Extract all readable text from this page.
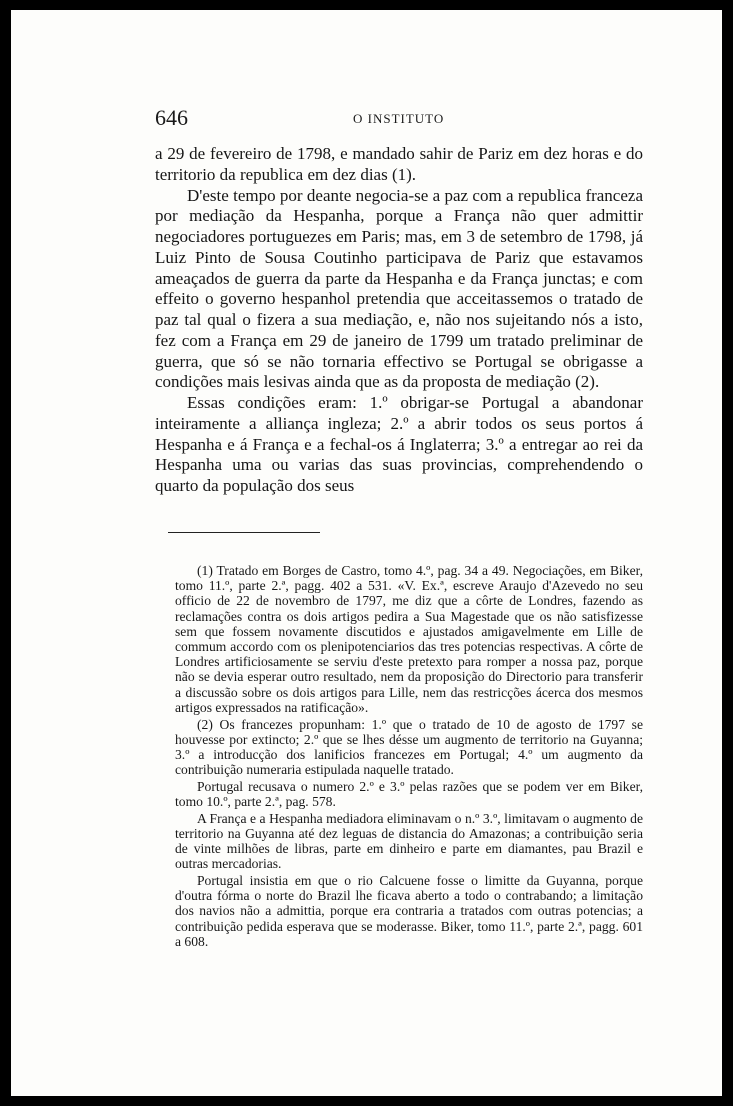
646	O INSTITUTO

a 29 de fevereiro de 1798, e mandado sahir de Pariz em dez horas e do territorio da republica em dez dias (1).

D'este tempo por deante negocia-se a paz com a republica franceza por mediação da Hespanha, porque a França não quer admittir negociadores portuguezes em Paris; mas, em 3 de setembro de 1798, já Luiz Pinto de Sousa Coutinho participava de Pariz que estavamos ameaçados de guerra da parte da Hespanha e da França junctas; e com effeito o governo hespanhol pretendia que acceitassemos o tratado de paz tal qual o fizera a sua mediação, e, não nos sujeitando nós a isto, fez com a França em 29 de janeiro de 1799 um tratado preliminar de guerra, que só se não tornaria effectivo se Portugal se obrigasse a condições mais lesivas ainda que as da proposta de mediação (2).

Essas condições eram: 1.º obrigar-se Portugal a abandonar inteiramente a alliança ingleza; 2.º a abrir todos os seus portos á Hespanha e á França e a fechal-os á Inglaterra; 3.º a entregar ao rei da Hespanha uma ou varias das suas provincias, comprehendendo o quarto da população dos seus

(1) Tratado em Borges de Castro, tomo 4.º, pag. 34 a 49. Negociações, em Biker, tomo 11.º, parte 2.ª, pagg. 402 a 531. «V. Ex.ª, escreve Araujo d'Azevedo no seu officio de 22 de novembro de 1797, me diz que a côrte de Londres, fazendo as reclamações contra os dois artigos pedira a Sua Magestade que os não satisfizesse sem que fossem novamente discutidos e ajustados amigavelmente em Lille de commum accordo com os plenipotenciarios das tres potencias respectivas. A côrte de Londres artificiosamente se serviu d'este pretexto para romper a nossa paz, porque não se devia esperar outro resultado, nem da proposição do Directorio para transferir a discussão sobre os dois artigos para Lille, nem das restricções ácerca dos mesmos artigos expressados na ratificação».

(2) Os francezes propunham: 1.º que o tratado de 10 de agosto de 1797 se houvesse por extincto; 2.º que se lhes désse um augmento de territorio na Guyanna; 3.º a introducção dos lanificios francezes em Portugal; 4.º um augmento da contribuição numeraria estipulada naquelle tratado.

Portugal recusava o numero 2.º e 3.º pelas razões que se podem ver em Biker, tomo 10.º, parte 2.ª, pag. 578.

A França e a Hespanha mediadora eliminavam o n.º 3.º, limitavam o augmento de territorio na Guyanna até dez leguas de distancia do Amazonas; a contribuição seria de vinte milhões de libras, parte em dinheiro e parte em diamantes, pau Brazil e outras mercadorias.

Portugal insistia em que o rio Calcuene fosse o limitte da Guyanna, porque d'outra fórma o norte do Brazil lhe ficava aberto a todo o contrabando; a limitação dos navios não a admittia, porque era contraria a tratados com outras potencias; a contribuição pedida esperava que se moderasse. Biker, tomo 11.º, parte 2.ª, pagg. 601 a 608.
